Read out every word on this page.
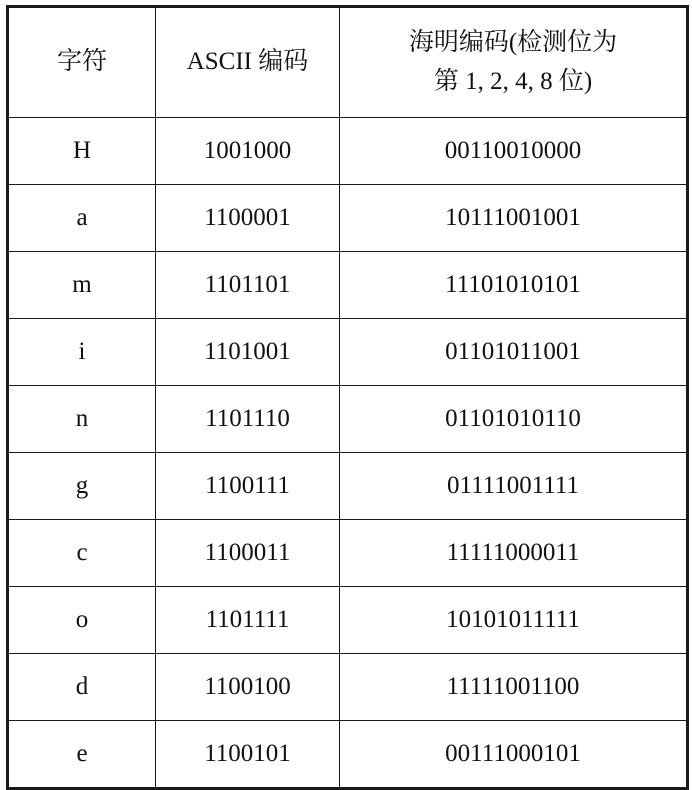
字符	ASCII 编码	海明编码(检测位为
第 1, 2, 4, 8 位)

H	1001000	00110010000
a	1100001	10111001001
m	1101101	11101010101
i	1101001	01101011001
n	1101110	01101010110
g	1100111	01111001111
c	1100011	11111000011
o	1101111	10101011111
d	1100100	11111001100
e	1100101	00111000101
